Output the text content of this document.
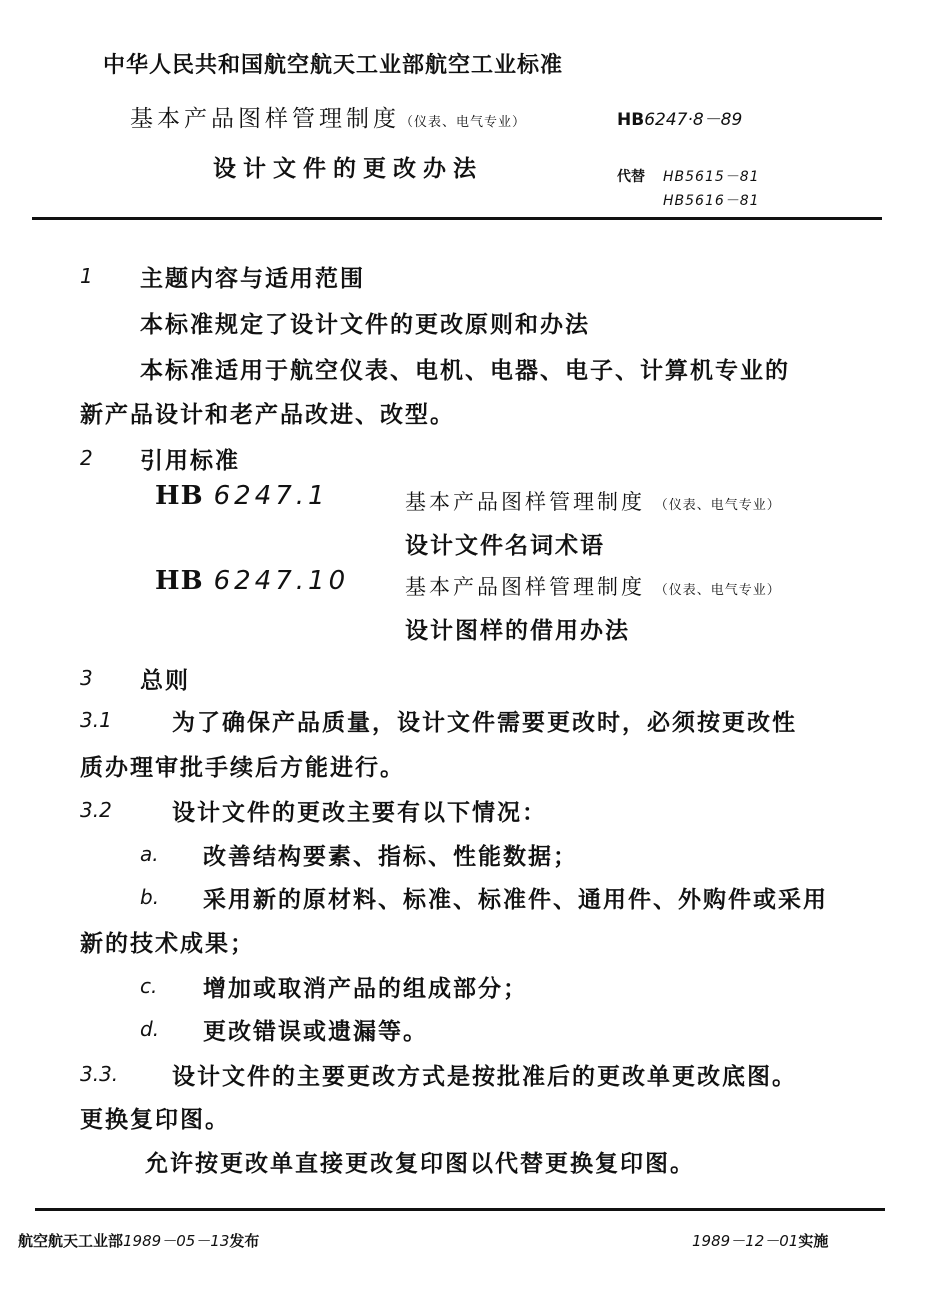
中华人民共和国航空航天工业部航空工业标准
基本产品图样管理制度（仪表、电气专业）
设计文件的更改办法
HB6247·8－89
代替 HB5615－81
HB5616－81
1 主题内容与适用范围
本标准规定了设计文件的更改原则和办法
本标准适用于航空仪表、电机、电器、电子、计算机专业的
新产品设计和老产品改进、改型。
2 引用标准
HB 6247.1	基本产品图样管理制度 （仪表、电气专业）
设计文件名词术语
HB 6247.10	基本产品图样管理制度 （仪表、电气专业）
设计图样的借用办法
3 总则
3.1	为了确保产品质量，设计文件需要更改时，必须按更改性
质办理审批手续后方能进行。
3.2	设计文件的更改主要有以下情况：
a. 改善结构要素、指标、性能数据；
b. 采用新的原材料、标准、标准件、通用件、外购件或采用
新的技术成果；
c. 增加或取消产品的组成部分；
d. 更改错误或遗漏等。
3.3. 设计文件的主要更改方式是按批准后的更改单更改底图。
更换复印图。
允许按更改单直接更改复印图以代替更换复印图。
航空航天工业部1989－05－13发布	1989－12－01实施
